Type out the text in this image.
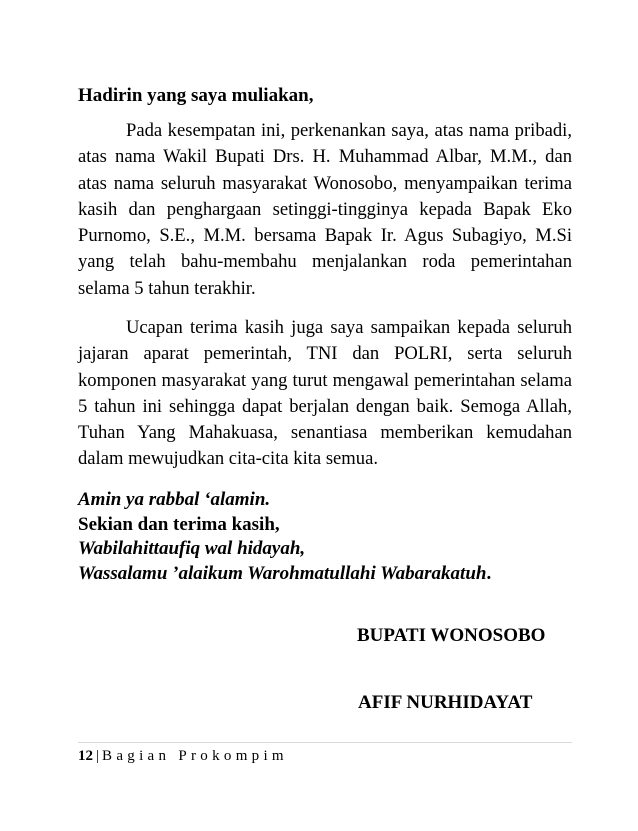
Hadirin yang saya muliakan,

Pada kesempatan ini, perkenankan saya, atas nama pribadi, atas nama Wakil Bupati Drs. H. Muhammad Albar, M.M., dan atas nama seluruh masyarakat Wonosobo, menyampaikan terima kasih dan penghargaan setinggi-tingginya kepada Bapak Eko Purnomo, S.E., M.M. bersama Bapak Ir. Agus Subagiyo, M.Si yang telah bahu-membahu menjalankan roda pemerintahan selama 5 tahun terakhir.

Ucapan terima kasih juga saya sampaikan kepada seluruh jajaran aparat pemerintah, TNI dan POLRI, serta seluruh komponen masyarakat yang turut mengawal pemerintahan selama 5 tahun ini sehingga dapat berjalan dengan baik. Semoga Allah, Tuhan Yang Mahakuasa, senantiasa memberikan kemudahan dalam mewujudkan cita-cita kita semua.

Amin ya rabbal ‘alamin.
Sekian dan terima kasih,
Wabilahittaufiq wal hidayah,
Wassalamu ’alaikum Warohmatullahi Wabarakatuh.
BUPATI WONOSOBO
AFIF NURHIDAYAT
12 | Bagian Prokompim
